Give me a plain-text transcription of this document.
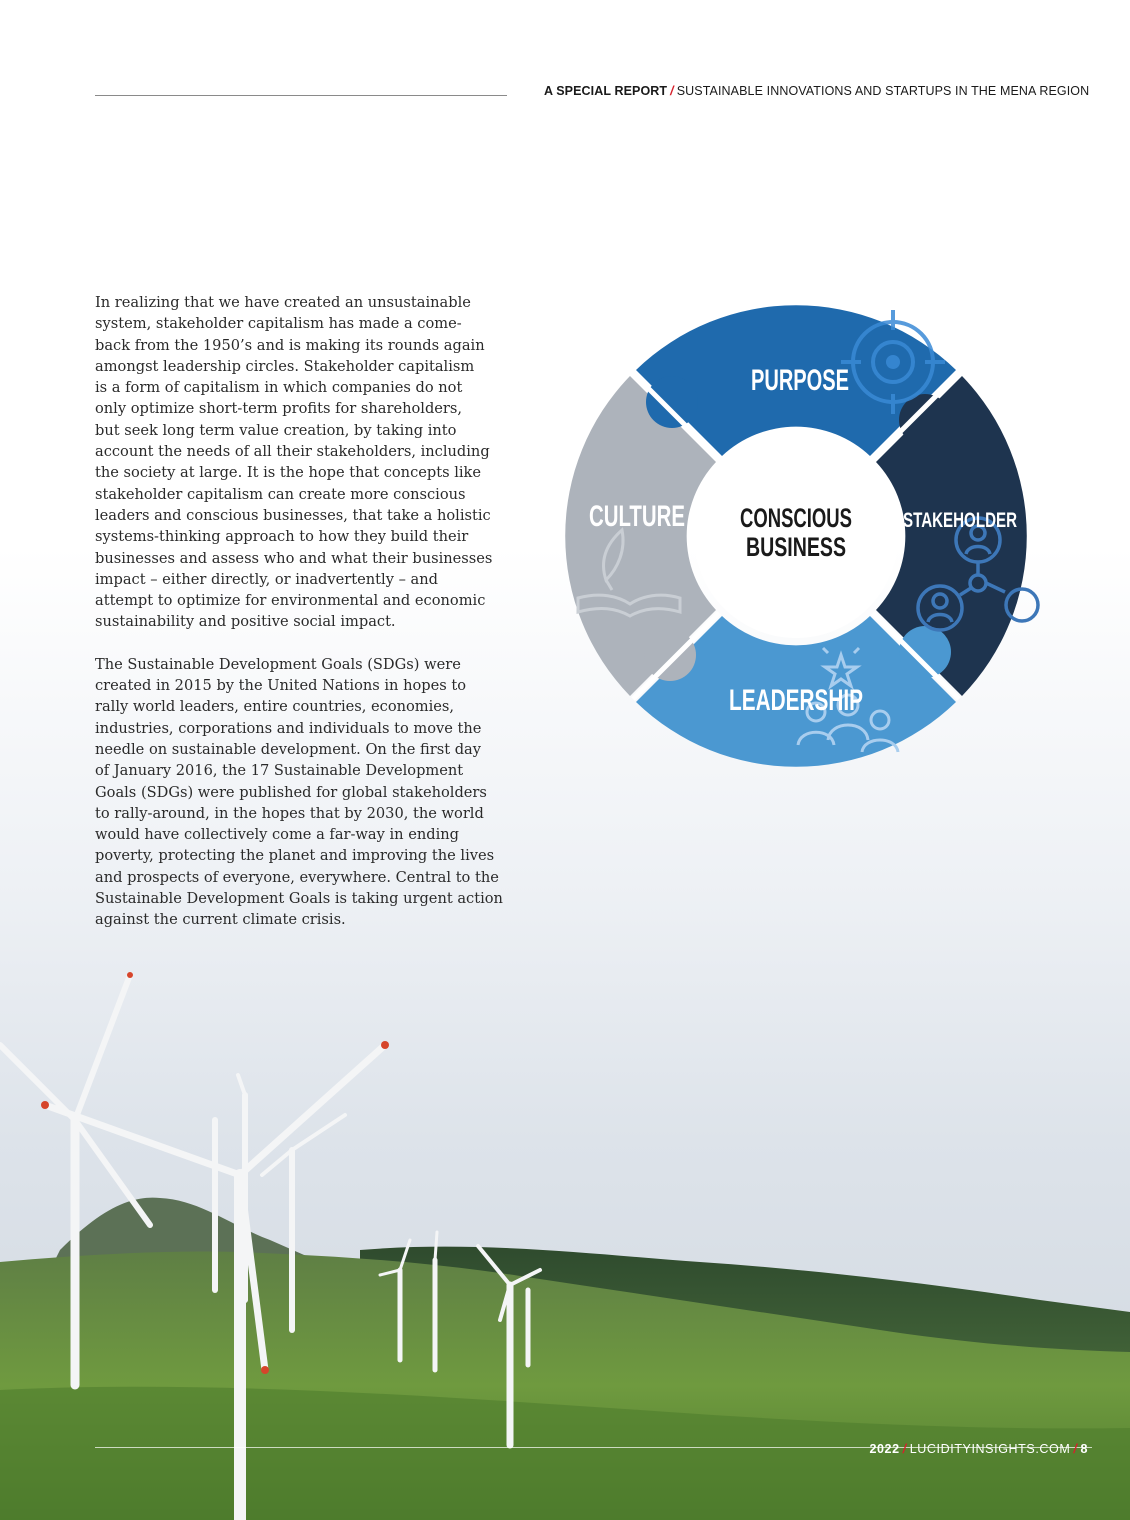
A SPECIAL REPORT / SUSTAINABLE INNOVATIONS AND STARTUPS IN THE MENA REGION

In realizing that we have created an unsustainable
system, stakeholder capitalism has made a come-
back from the 1950’s and is making its rounds again
amongst leadership circles. Stakeholder capitalism
is a form of capitalism in which companies do not
only optimize short-term profits for shareholders,
but seek long term value creation, by taking into
account the needs of all their stakeholders, including
the society at large. It is the hope that concepts like
stakeholder capitalism can create more conscious
leaders and conscious businesses, that take a holistic
systems-thinking approach to how they build their
businesses and assess who and what their businesses
impact – either directly, or inadvertently – and
attempt to optimize for environmental and economic
sustainability and positive social impact.

The Sustainable Development Goals (SDGs) were
created in 2015 by the United Nations in hopes to
rally world leaders, entire countries, economies,
industries, corporations and individuals to move the
needle on sustainable development. On the first day
of January 2016, the 17 Sustainable Development
Goals (SDGs) were published for global stakeholders
to rally-around, in the hopes that by 2030, the world
would have collectively come a far-way in ending
poverty, protecting the planet and improving the lives
and prospects of everyone, everywhere. Central to the
Sustainable Development Goals is taking urgent action
against the current climate crisis.

CONSCIOUS
BUSINESS
PURPOSE
STAKEHOLDER
LEADERSHIP
CULTURE
2022 / LUCIDITYINSIGHTS.COM / 8
